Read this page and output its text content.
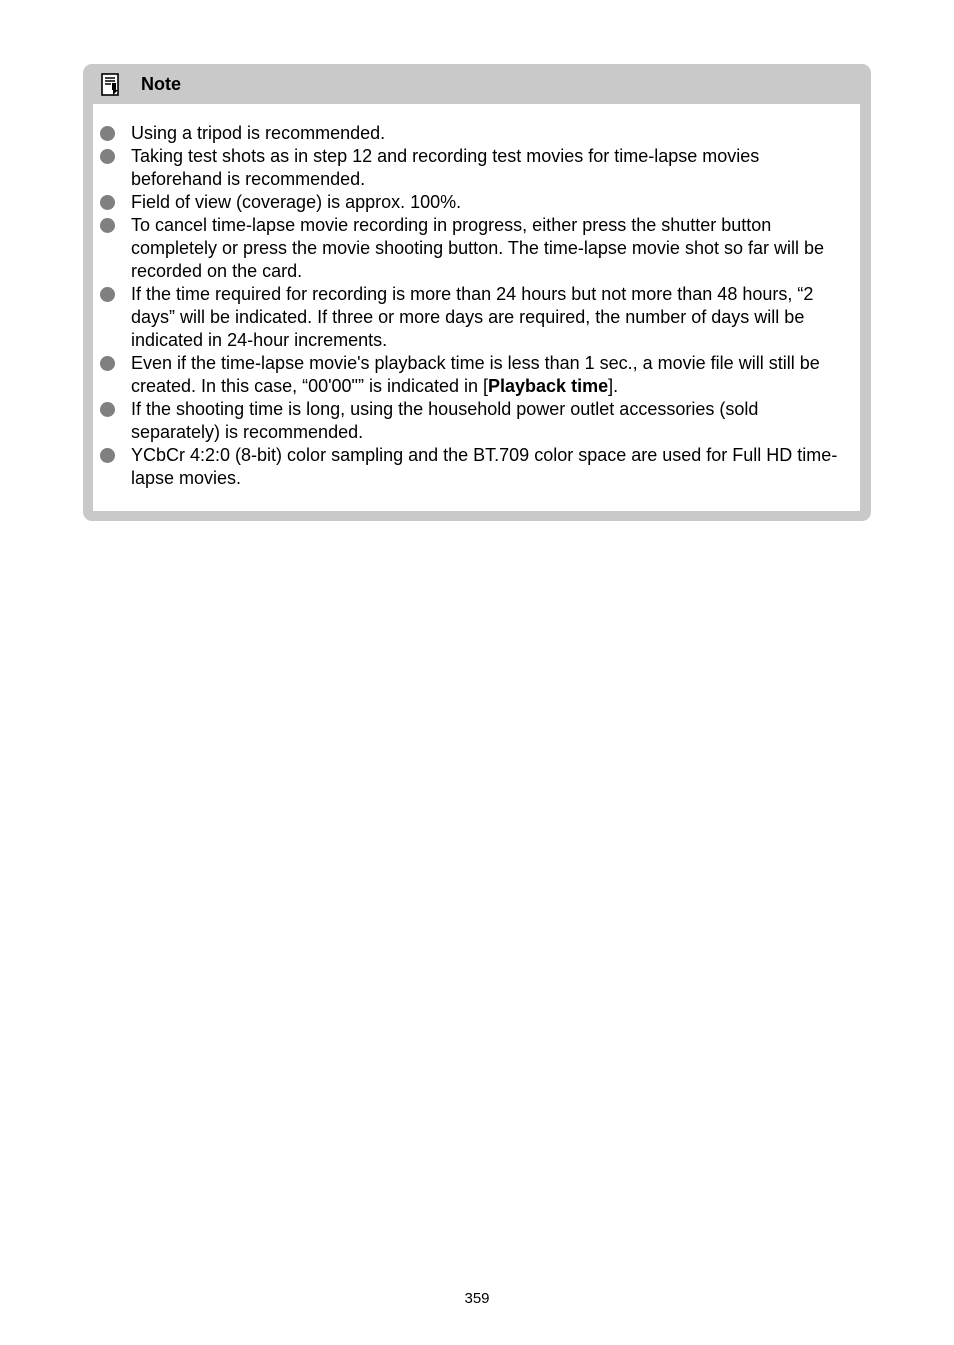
Note
Using a tripod is recommended.
Taking test shots as in step 12 and recording test movies for time-lapse movies beforehand is recommended.
Field of view (coverage) is approx. 100%.
To cancel time-lapse movie recording in progress, either press the shutter button completely or press the movie shooting button. The time-lapse movie shot so far will be recorded on the card.
If the time required for recording is more than 24 hours but not more than 48 hours, “2 days” will be indicated. If three or more days are required, the number of days will be indicated in 24-hour increments.
Even if the time-lapse movie's playback time is less than 1 sec., a movie file will still be created. In this case, “00'00"” is indicated in [Playback time].
If the shooting time is long, using the household power outlet accessories (sold separately) is recommended.
YCbCr 4:2:0 (8-bit) color sampling and the BT.709 color space are used for Full HD time-lapse movies.
359
